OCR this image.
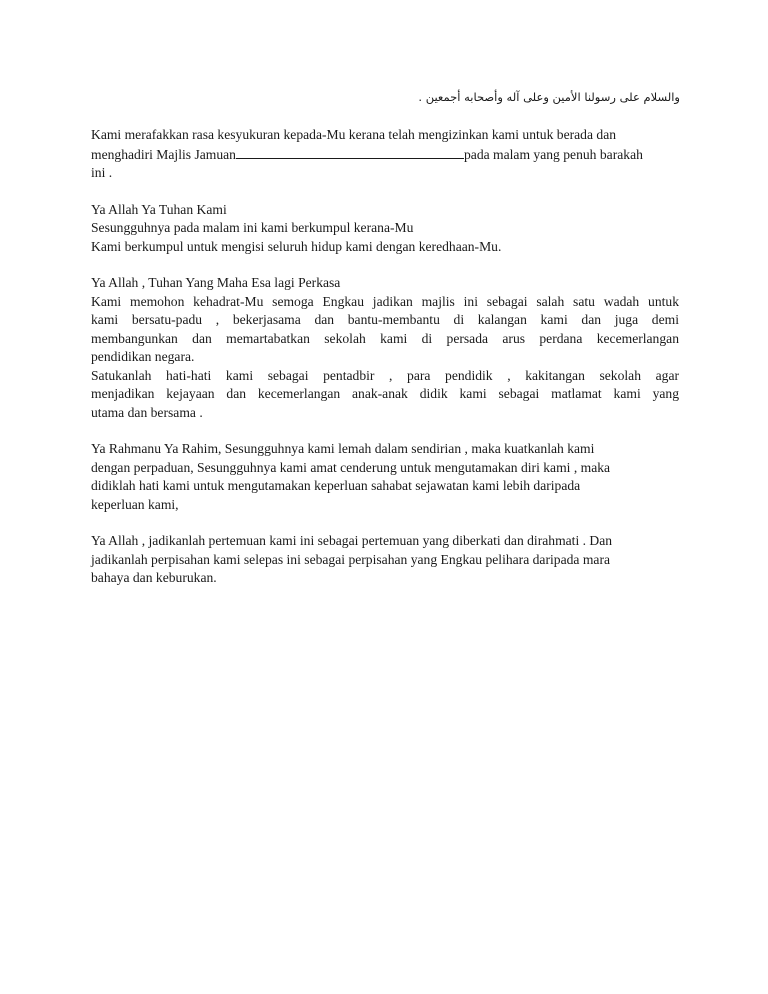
والسلام على رسولنا الأمين وعلى آله وأصحابه أجمعين .
Kami merafakkan rasa kesyukuran kepada-Mu kerana telah mengizinkan kami untuk berada dan
menghadiri Majlis Jamuan	pada malam yang penuh barakah
ini .
Ya Allah Ya Tuhan Kami
Sesungguhnya pada malam ini kami berkumpul kerana-Mu
Kami berkumpul untuk mengisi seluruh hidup kami dengan keredhaan-Mu.
Ya Allah , Tuhan Yang Maha Esa lagi Perkasa
Kami memohon kehadrat-Mu semoga Engkau jadikan majlis ini sebagai salah satu wadah untuk
kami bersatu-padu , bekerjasama dan bantu-membantu di kalangan kami dan juga demi
membangunkan dan memartabatkan sekolah kami di persada arus perdana kecemerlangan
pendidikan negara.
Satukanlah hati-hati kami sebagai pentadbir , para pendidik , kakitangan sekolah agar
menjadikan kejayaan dan kecemerlangan anak-anak didik kami sebagai matlamat kami yang
utama dan bersama .
Ya Rahmanu Ya Rahim, Sesungguhnya kami lemah dalam sendirian , maka kuatkanlah kami
dengan perpaduan, Sesungguhnya kami amat cenderung untuk mengutamakan diri kami , maka
didiklah hati kami untuk mengutamakan keperluan sahabat sejawatan kami lebih daripada
keperluan kami,
Ya Allah , jadikanlah pertemuan kami ini sebagai pertemuan yang diberkati dan dirahmati . Dan
jadikanlah perpisahan kami selepas ini sebagai perpisahan yang Engkau pelihara daripada mara
bahaya dan keburukan.
